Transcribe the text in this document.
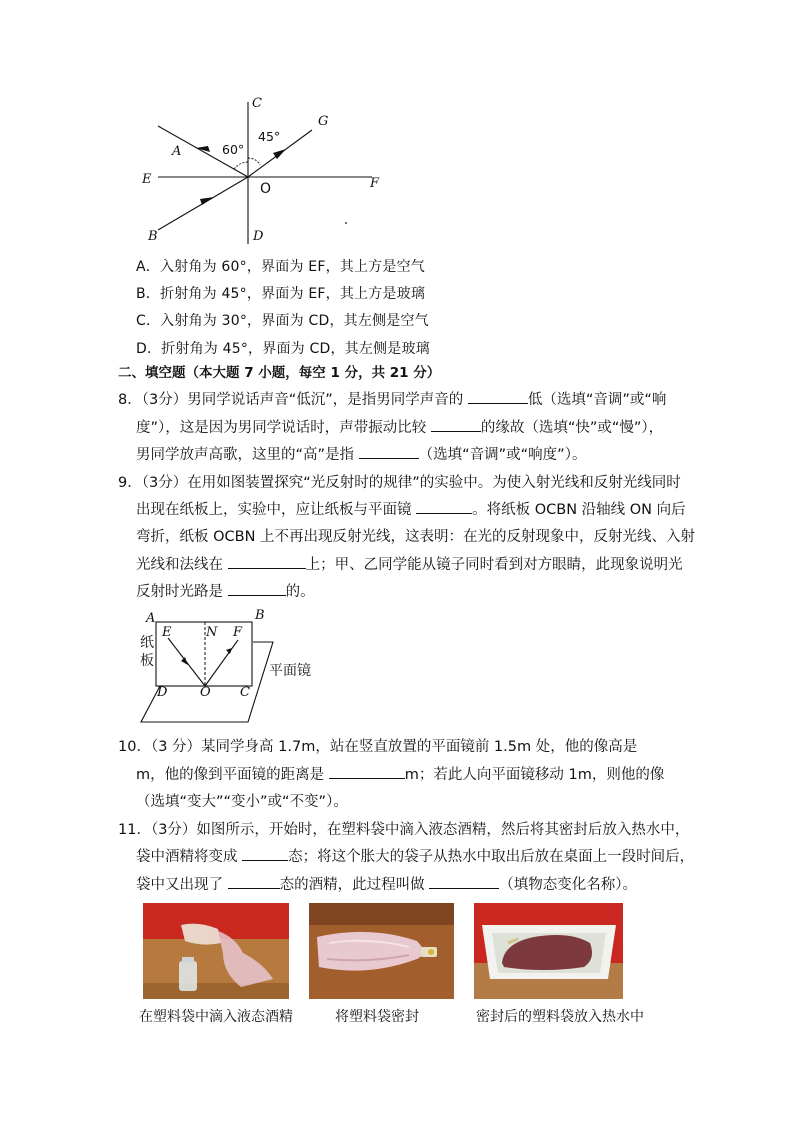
C
G
45°
60°
A
E
O	F
B	D
A．入射角为 60°，界面为 EF，其上方是空气
B．折射角为 45°，界面为 EF，其上方是玻璃
C．入射角为 30°，界面为 CD，其左侧是空气
D．折射角为 45°，界面为 CD，其左侧是玻璃
二、填空题（本大题 7 小题，每空 1 分，共 21 分）
8．（3分）男同学说话声音“低沉”，是指男同学声音的	低（选填“音调”或“响
度”），这是因为男同学说话时，声带振动比较	的缘故（选填“快”或“慢”），
男同学放声高歌，这里的“高”是指	（选填“音调”或“响度”）。
9．（3分）在用如图装置探究“光反射时的规律”的实验中。为使入射光线和反射光线同时
出现在纸板上，实验中，应让纸板与平面镜	。将纸板 OCBN 沿轴线 ON 向后
弯折，纸板 OCBN 上不再出现反射光线，这表明：在光的反射现象中，反射光线、入射
光线和法线在	上；甲、乙同学能从镜子同时看到对方眼睛，此现象说明光
反射时光路是	的。
A	B
E	N F
纸
板
平面镜
D	O C
10．（3 分）某同学身高 1.7m，站在竖直放置的平面镜前 1.5m 处，他的像高是
m，他的像到平面镜的距离是	m；若此人向平面镜移动 1m，则他的像
（选填“变大”“变小”或“不变”）。
11．（3分）如图所示，开始时，在塑料袋中滴入液态酒精，然后将其密封后放入热水中，
袋中酒精将变成	态；将这个胀大的袋子从热水中取出后放在桌面上一段时间后，
袋中又出现了	态的酒精，此过程叫做	（填物态变化名称）。
在塑料袋中滴入液态酒精	将塑料袋密封	密封后的塑料袋放入热水中
